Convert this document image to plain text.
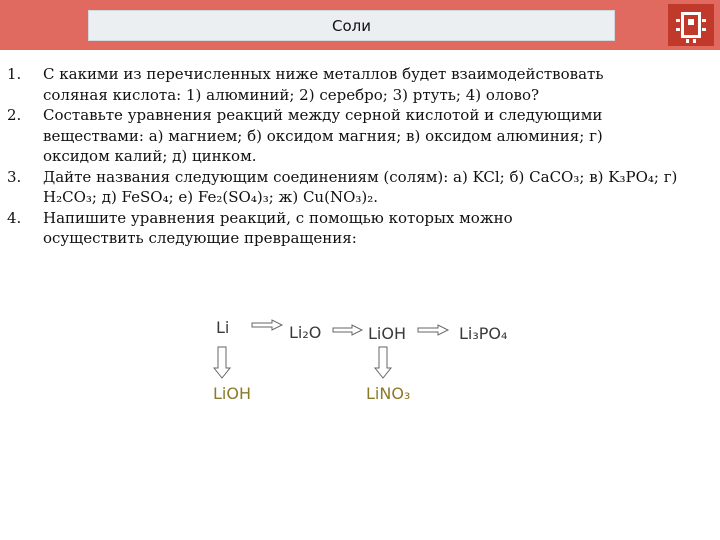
Соли
1. С какими из перечисленных ниже металлов будет взаимодействовать
соляная кислота: 1) алюминий; 2) серебро; 3) ртуть; 4) олово?
2. Составьте уравнения реакций между серной кислотой и следующими
веществами: а) магнием; б) оксидом магния; в) оксидом алюминия; г)
оксидом калий; д) цинком.
3. Дайте названия следующим соединениям (солям): а) KCl; б) CaCO₃; в) K₃PO₄; г) H₂CO₃; д) FeSO₄; е) Fe₂(SO₄)₃; ж) Cu(NO₃)₂.
4. Напишите уравнения реакций, с помощью которых можно
осуществить следующие превращения:
Li	Li₂O	LiOH	Li₃PO₄
LiOH	LiNO₃
